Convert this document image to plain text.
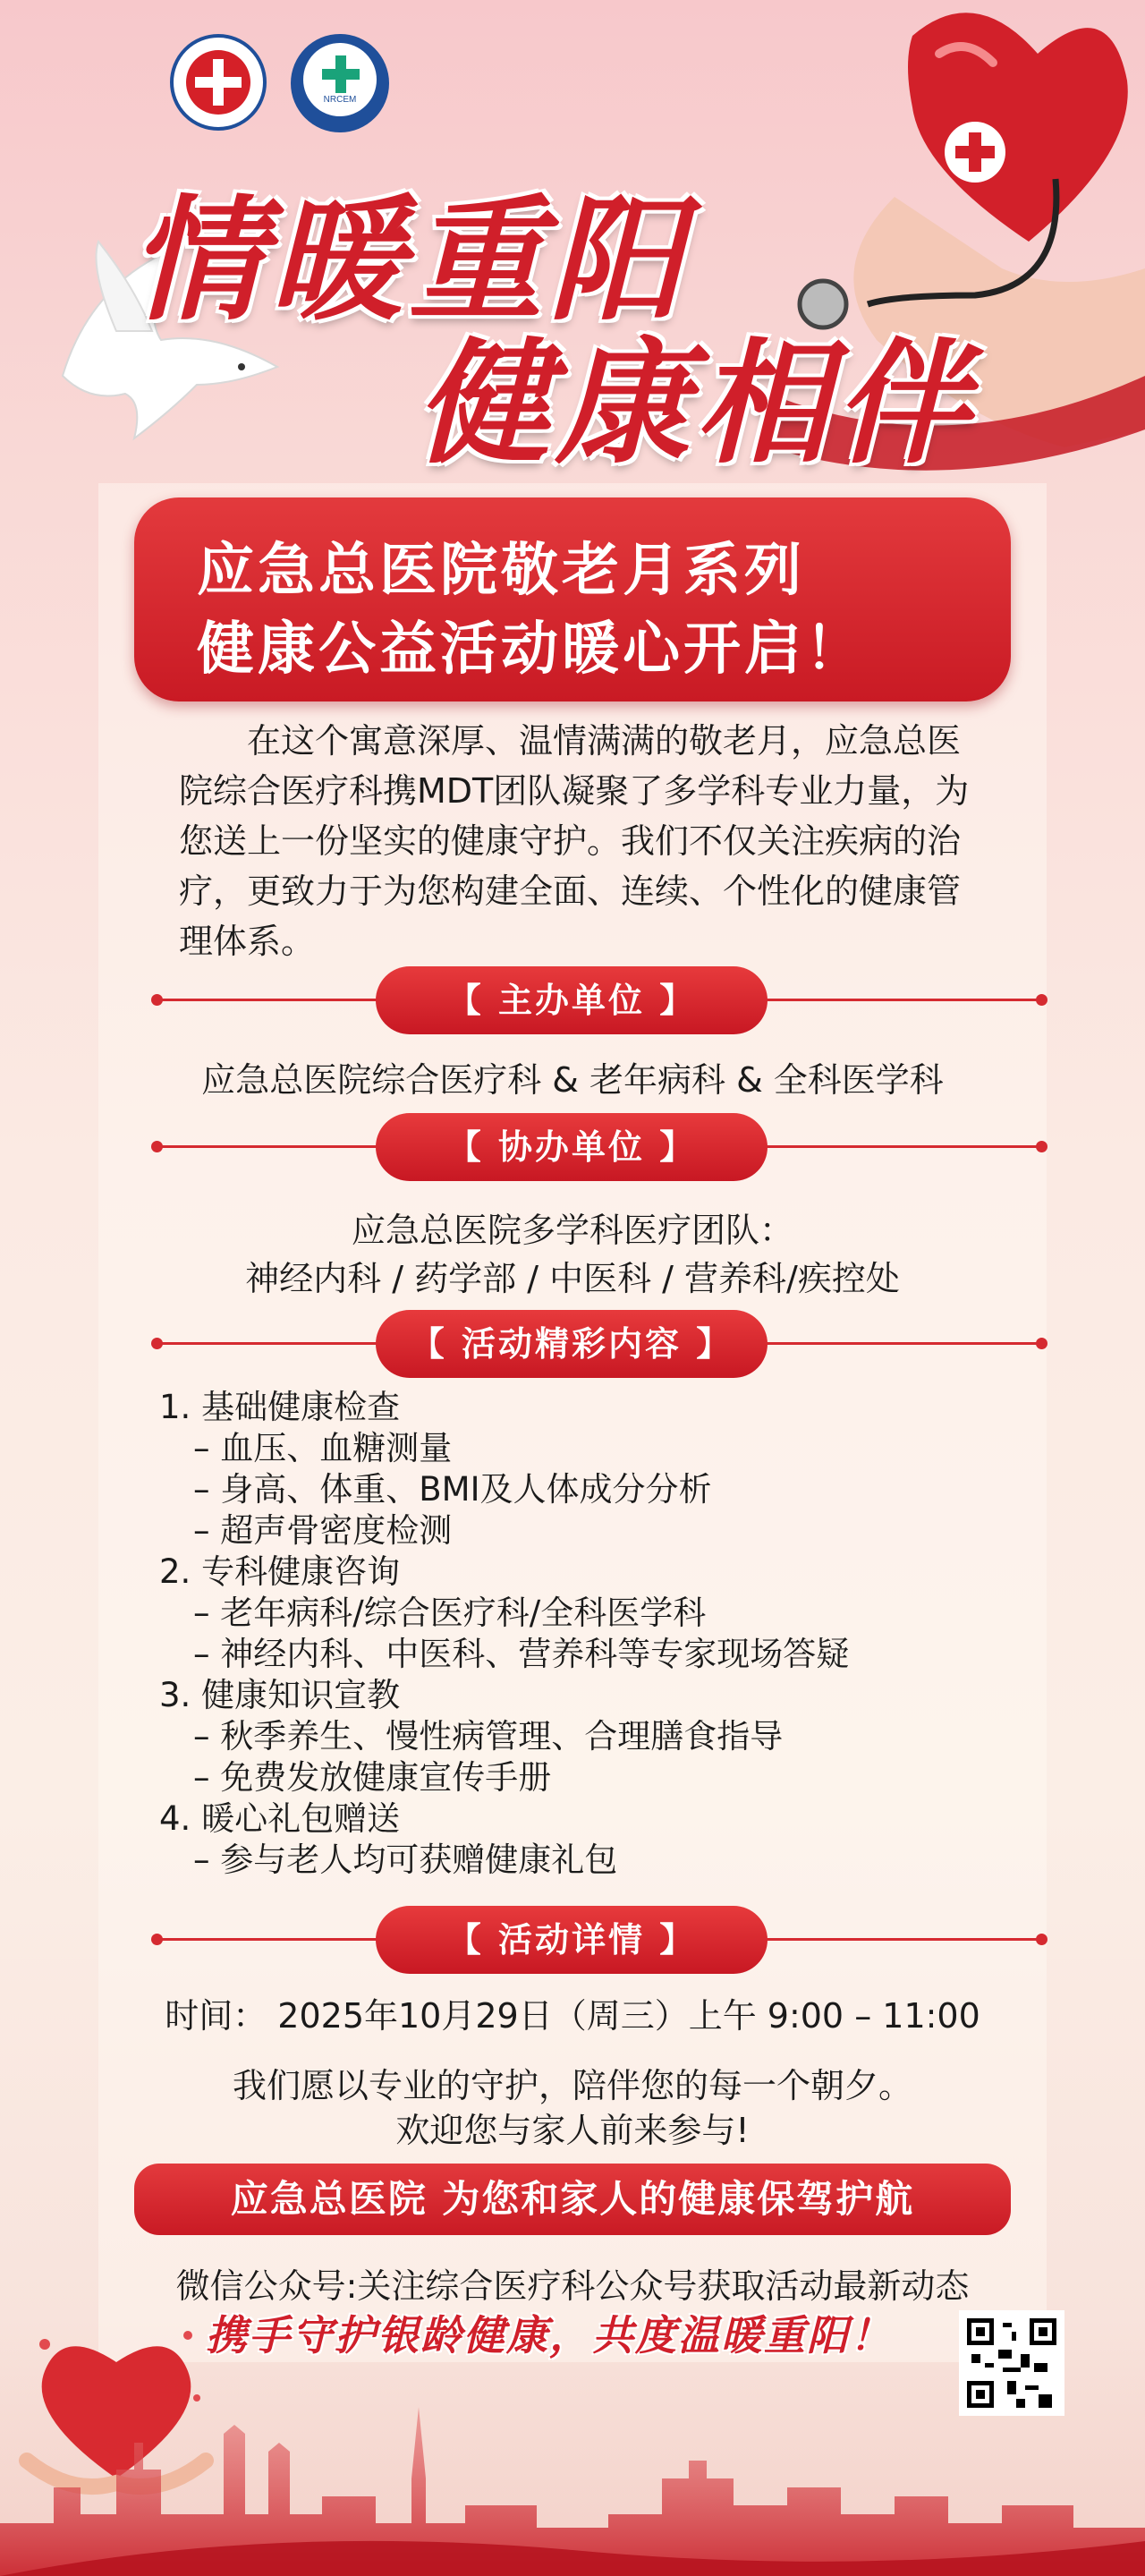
NRCEM
情暖重阳
健康相伴
应急总医院敬老月系列
健康公益活动暖心开启！
在这个寓意深厚、温情满满的敬老月，应急总医院综合医疗科携MDT团队凝聚了多学科专业力量，为您送上一份坚实的健康守护。我们不仅关注疾病的治疗，更致力于为您构建全面、连续、个性化的健康管理体系。
【 主办单位 】
应急总医院综合医疗科 & 老年病科 & 全科医学科
【 协办单位 】
应急总医院多学科医疗团队：
神经内科 / 药学部 / 中医科 / 营养科/疾控处
【 活动精彩内容 】
1. 基础健康检查
– 血压、血糖测量
– 身高、体重、BMI及人体成分分析
– 超声骨密度检测
2. 专科健康咨询
– 老年病科/综合医疗科/全科医学科
– 神经内科、中医科、营养科等专家现场答疑
3. 健康知识宣教
– 秋季养生、慢性病管理、合理膳食指导
– 免费发放健康宣传手册
4. 暖心礼包赠送
– 参与老人均可获赠健康礼包
【 活动详情 】
时间： 2025年10月29日（周三）上午 9:00 – 11:00
我们愿以专业的守护，陪伴您的每一个朝夕。
欢迎您与家人前来参与!
应急总医院 为您和家人的健康保驾护航
微信公众号:关注综合医疗科公众号获取活动最新动态
携手守护银龄健康，共度温暖重阳！
